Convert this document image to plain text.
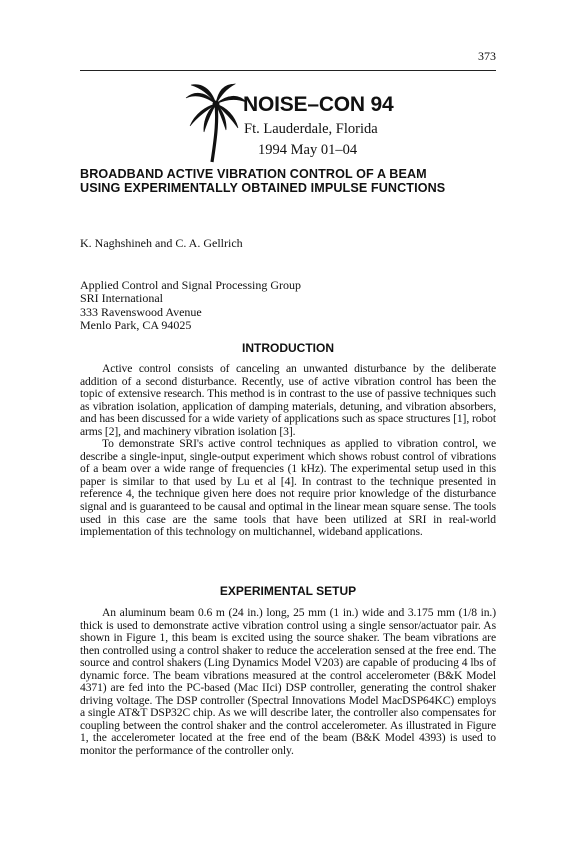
373
NOISE–CON 94
Ft. Lauderdale, Florida
1994 May 01–04
BROADBAND ACTIVE VIBRATION CONTROL OF A BEAM
USING EXPERIMENTALLY OBTAINED IMPULSE FUNCTIONS
K. Naghshineh and C. A. Gellrich
Applied Control and Signal Processing Group
SRI International
333 Ravenswood Avenue
Menlo Park, CA 94025
INTRODUCTION

Active control consists of canceling an unwanted disturbance by the deliberate addition of a second disturbance. Recently, use of active vibration control has been the topic of extensive research. This method is in contrast to the use of passive techniques such as vibration isolation, application of damping materials, detuning, and vibration absorbers, and has been discussed for a wide variety of applications such as space structures [1], robot arms [2], and machinery vibration isolation [3].

To demonstrate SRI's active control techniques as applied to vibration control, we describe a single-input, single-output experiment which shows robust control of vibrations of a beam over a wide range of frequencies (1 kHz). The experimental setup used in this paper is similar to that used by Lu et al [4]. In contrast to the technique presented in reference 4, the technique given here does not require prior knowledge of the disturbance signal and is guaranteed to be causal and optimal in the linear mean square sense. The tools used in this case are the same tools that have been utilized at SRI in real-world implementation of this technology on multichannel, wideband applications.

EXPERIMENTAL SETUP

An aluminum beam 0.6 m (24 in.) long, 25 mm (1 in.) wide and 3.175 mm (1/8 in.) thick is used to demonstrate active vibration control using a single sensor/actuator pair. As shown in Figure 1, this beam is excited using the source shaker. The beam vibrations are then controlled using a control shaker to reduce the acceleration sensed at the free end. The source and control shakers (Ling Dynamics Model V203) are capable of producing 4 lbs of dynamic force. The beam vibrations measured at the control accelerometer (B&K Model 4371) are fed into the PC-based (Mac IIci) DSP controller, generating the control shaker driving voltage. The DSP controller (Spectral Innovations Model MacDSP64KC) employs a single AT&T DSP32C chip. As we will describe later, the controller also compensates for coupling between the control shaker and the control accelerometer. As illustrated in Figure 1, the accelerometer located at the free end of the beam (B&K Model 4393) is used to monitor the performance of the controller only.
